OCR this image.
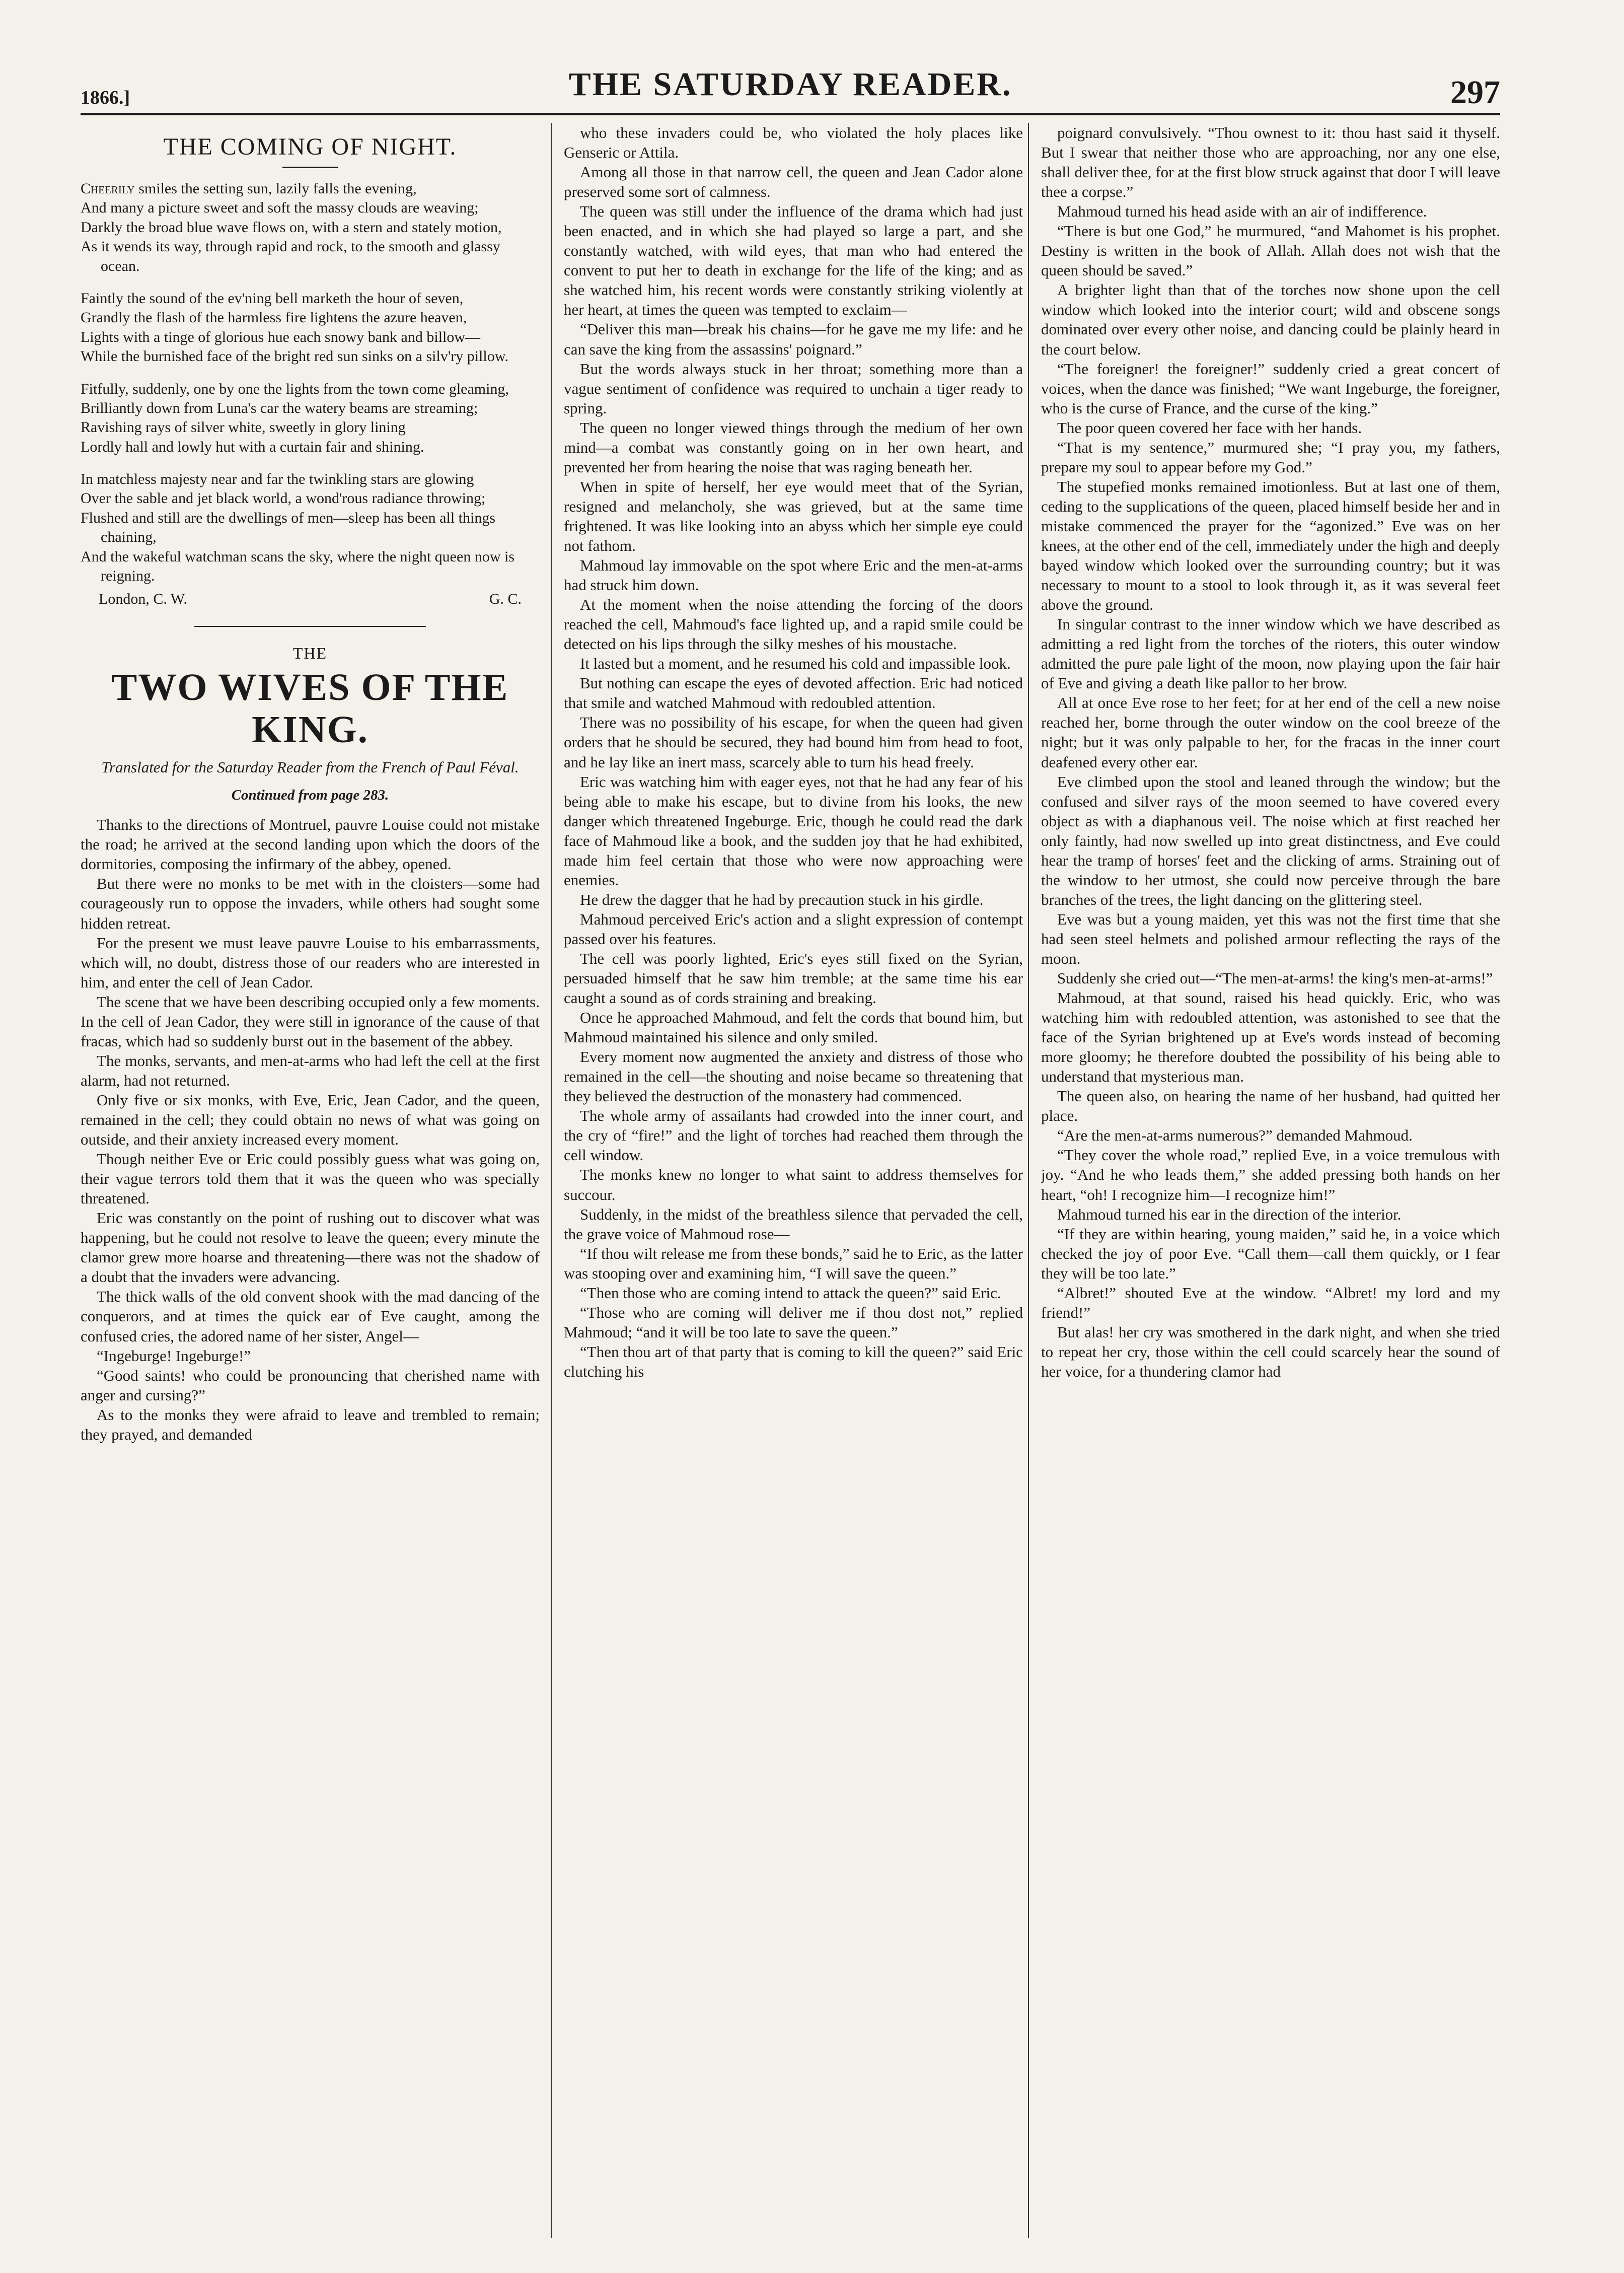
1866.]	THE SATURDAY READER.	297
THE COMING OF NIGHT.

Cheerily smiles the setting sun, lazily falls the evening,

And many a picture sweet and soft the massy clouds are weaving;

Darkly the broad blue wave flows on, with a stern and stately motion,

As it wends its way, through rapid and rock, to the smooth and glassy ocean.

Faintly the sound of the ev'ning bell marketh the hour of seven,

Grandly the flash of the harmless fire lightens the azure heaven,

Lights with a tinge of glorious hue each snowy bank and billow—

While the burnished face of the bright red sun sinks on a silv'ry pillow.

Fitfully, suddenly, one by one the lights from the town come gleaming,

Brilliantly down from Luna's car the watery beams are streaming;

Ravishing rays of silver white, sweetly in glory lining

Lordly hall and lowly hut with a curtain fair and shining.

In matchless majesty near and far the twinkling stars are glowing

Over the sable and jet black world, a wond'rous radiance throwing;

Flushed and still are the dwellings of men—sleep has been all things chaining,

And the wakeful watchman scans the sky, where the night queen now is reigning.

London, C. W.	G. C.
THE
TWO WIVES OF THE KING.
Translated for the Saturday Reader from the French of Paul Féval.
Continued from page 283.

Thanks to the directions of Montruel, pauvre Louise could not mistake the road; he arrived at the second landing upon which the doors of the dormitories, composing the infirmary of the abbey, opened.

But there were no monks to be met with in the cloisters—some had courageously run to oppose the invaders, while others had sought some hidden retreat.

For the present we must leave pauvre Louise to his embarrassments, which will, no doubt, distress those of our readers who are interested in him, and enter the cell of Jean Cador.

The scene that we have been describing occupied only a few moments. In the cell of Jean Cador, they were still in ignorance of the cause of that fracas, which had so suddenly burst out in the basement of the abbey.

The monks, servants, and men-at-arms who had left the cell at the first alarm, had not returned.

Only five or six monks, with Eve, Eric, Jean Cador, and the queen, remained in the cell; they could obtain no news of what was going on outside, and their anxiety increased every moment.

Though neither Eve or Eric could possibly guess what was going on, their vague terrors told them that it was the queen who was specially threatened.

Eric was constantly on the point of rushing out to discover what was happening, but he could not resolve to leave the queen; every minute the clamor grew more hoarse and threatening—there was not the shadow of a doubt that the invaders were advancing.

The thick walls of the old convent shook with the mad dancing of the conquerors, and at times the quick ear of Eve caught, among the confused cries, the adored name of her sister, Angel—

“Ingeburge! Ingeburge!”

“Good saints! who could be pronouncing that cherished name with anger and cursing?”

As to the monks they were afraid to leave and trembled to remain; they prayed, and demanded

who these invaders could be, who violated the holy places like Genseric or Attila.

Among all those in that narrow cell, the queen and Jean Cador alone preserved some sort of calmness.

The queen was still under the influence of the drama which had just been enacted, and in which she had played so large a part, and she constantly watched, with wild eyes, that man who had entered the convent to put her to death in exchange for the life of the king; and as she watched him, his recent words were constantly striking violently at her heart, at times the queen was tempted to exclaim—

“Deliver this man—break his chains—for he gave me my life: and he can save the king from the assassins' poignard.”

But the words always stuck in her throat; something more than a vague sentiment of confidence was required to unchain a tiger ready to spring.

The queen no longer viewed things through the medium of her own mind—a combat was constantly going on in her own heart, and prevented her from hearing the noise that was raging beneath her.

When in spite of herself, her eye would meet that of the Syrian, resigned and melancholy, she was grieved, but at the same time frightened. It was like looking into an abyss which her simple eye could not fathom.

Mahmoud lay immovable on the spot where Eric and the men-at-arms had struck him down.

At the moment when the noise attending the forcing of the doors reached the cell, Mahmoud's face lighted up, and a rapid smile could be detected on his lips through the silky meshes of his moustache.

It lasted but a moment, and he resumed his cold and impassible look.

But nothing can escape the eyes of devoted affection. Eric had noticed that smile and watched Mahmoud with redoubled attention.

There was no possibility of his escape, for when the queen had given orders that he should be secured, they had bound him from head to foot, and he lay like an inert mass, scarcely able to turn his head freely.

Eric was watching him with eager eyes, not that he had any fear of his being able to make his escape, but to divine from his looks, the new danger which threatened Ingeburge. Eric, though he could read the dark face of Mahmoud like a book, and the sudden joy that he had exhibited, made him feel certain that those who were now approaching were enemies.

He drew the dagger that he had by precaution stuck in his girdle.

Mahmoud perceived Eric's action and a slight expression of contempt passed over his features.

The cell was poorly lighted, Eric's eyes still fixed on the Syrian, persuaded himself that he saw him tremble; at the same time his ear caught a sound as of cords straining and breaking.

Once he approached Mahmoud, and felt the cords that bound him, but Mahmoud maintained his silence and only smiled.

Every moment now augmented the anxiety and distress of those who remained in the cell—the shouting and noise became so threatening that they believed the destruction of the monastery had commenced.

The whole army of assailants had crowded into the inner court, and the cry of “fire!” and the light of torches had reached them through the cell window.

The monks knew no longer to what saint to address themselves for succour.

Suddenly, in the midst of the breathless silence that pervaded the cell, the grave voice of Mahmoud rose—

“If thou wilt release me from these bonds,” said he to Eric, as the latter was stooping over and examining him, “I will save the queen.”

“Then those who are coming intend to attack the queen?” said Eric.

“Those who are coming will deliver me if thou dost not,” replied Mahmoud; “and it will be too late to save the queen.”

“Then thou art of that party that is coming to kill the queen?” said Eric clutching his

poignard convulsively. “Thou ownest to it: thou hast said it thyself. But I swear that neither those who are approaching, nor any one else, shall deliver thee, for at the first blow struck against that door I will leave thee a corpse.”

Mahmoud turned his head aside with an air of indifference.

“There is but one God,” he murmured, “and Mahomet is his prophet. Destiny is written in the book of Allah. Allah does not wish that the queen should be saved.”

A brighter light than that of the torches now shone upon the cell window which looked into the interior court; wild and obscene songs dominated over every other noise, and dancing could be plainly heard in the court below.

“The foreigner! the foreigner!” suddenly cried a great concert of voices, when the dance was finished; “We want Ingeburge, the foreigner, who is the curse of France, and the curse of the king.”

The poor queen covered her face with her hands.

“That is my sentence,” murmured she; “I pray you, my fathers, prepare my soul to appear before my God.”

The stupefied monks remained imotionless. But at last one of them, ceding to the supplications of the queen, placed himself beside her and in mistake commenced the prayer for the “agonized.” Eve was on her knees, at the other end of the cell, immediately under the high and deeply bayed window which looked over the surrounding country; but it was necessary to mount to a stool to look through it, as it was several feet above the ground.

In singular contrast to the inner window which we have described as admitting a red light from the torches of the rioters, this outer window admitted the pure pale light of the moon, now playing upon the fair hair of Eve and giving a death like pallor to her brow.

All at once Eve rose to her feet; for at her end of the cell a new noise reached her, borne through the outer window on the cool breeze of the night; but it was only palpable to her, for the fracas in the inner court deafened every other ear.

Eve climbed upon the stool and leaned through the window; but the confused and silver rays of the moon seemed to have covered every object as with a diaphanous veil. The noise which at first reached her only faintly, had now swelled up into great distinctness, and Eve could hear the tramp of horses' feet and the clicking of arms. Straining out of the window to her utmost, she could now perceive through the bare branches of the trees, the light dancing on the glittering steel.

Eve was but a young maiden, yet this was not the first time that she had seen steel helmets and polished armour reflecting the rays of the moon.

Suddenly she cried out—“The men-at-arms! the king's men-at-arms!”

Mahmoud, at that sound, raised his head quickly. Eric, who was watching him with redoubled attention, was astonished to see that the face of the Syrian brightened up at Eve's words instead of becoming more gloomy; he therefore doubted the possibility of his being able to understand that mysterious man.

The queen also, on hearing the name of her husband, had quitted her place.

“Are the men-at-arms numerous?” demanded Mahmoud.

“They cover the whole road,” replied Eve, in a voice tremulous with joy. “And he who leads them,” she added pressing both hands on her heart, “oh! I recognize him—I recognize him!”

Mahmoud turned his ear in the direction of the interior.

“If they are within hearing, young maiden,” said he, in a voice which checked the joy of poor Eve. “Call them—call them quickly, or I fear they will be too late.”

“Albret!” shouted Eve at the window. “Albret! my lord and my friend!”

But alas! her cry was smothered in the dark night, and when she tried to repeat her cry, those within the cell could scarcely hear the sound of her voice, for a thundering clamor had
